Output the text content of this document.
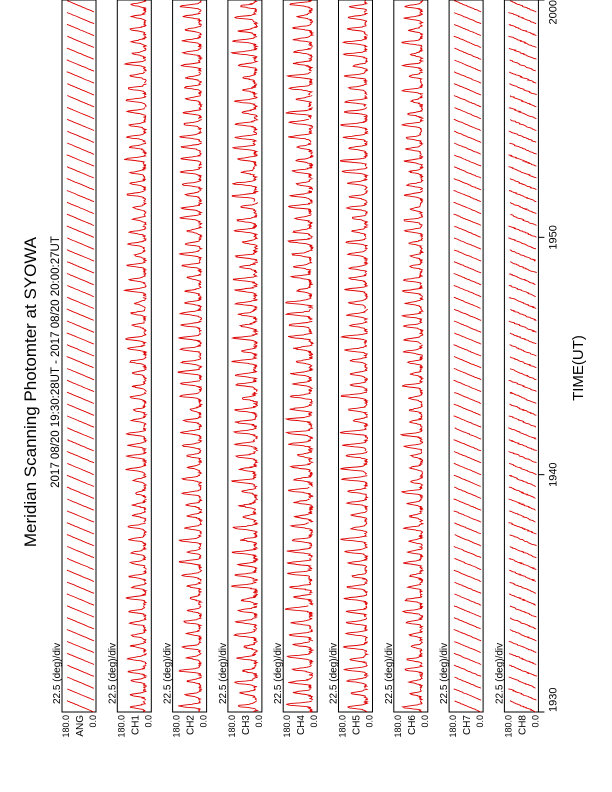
Meridian Scanning Photomter at SYOWA 2017 08/20 19:30:28UT - 2017 08/20 20:00:27UT
180.0 0.0
ANG
22.5 (deg)/div
180.0 0.0
CH1
22.5 (deg)/div
180.0 0.0
CH2
22.5 (deg)/div
180.0 0.0
CH3
22.5 (deg)/div
180.0 0.0
CH4
22.5 (deg)/div
180.0 0.0
CH5
22.5 (deg)/div
180.0 0.0
CH6
22.5 (deg)/div
180.0 0.0
CH7
22.5 (deg)/div
180.0 0.0
CH8
22.5 (deg)/div	1930
1940
1950
2000
TIME(UT)
